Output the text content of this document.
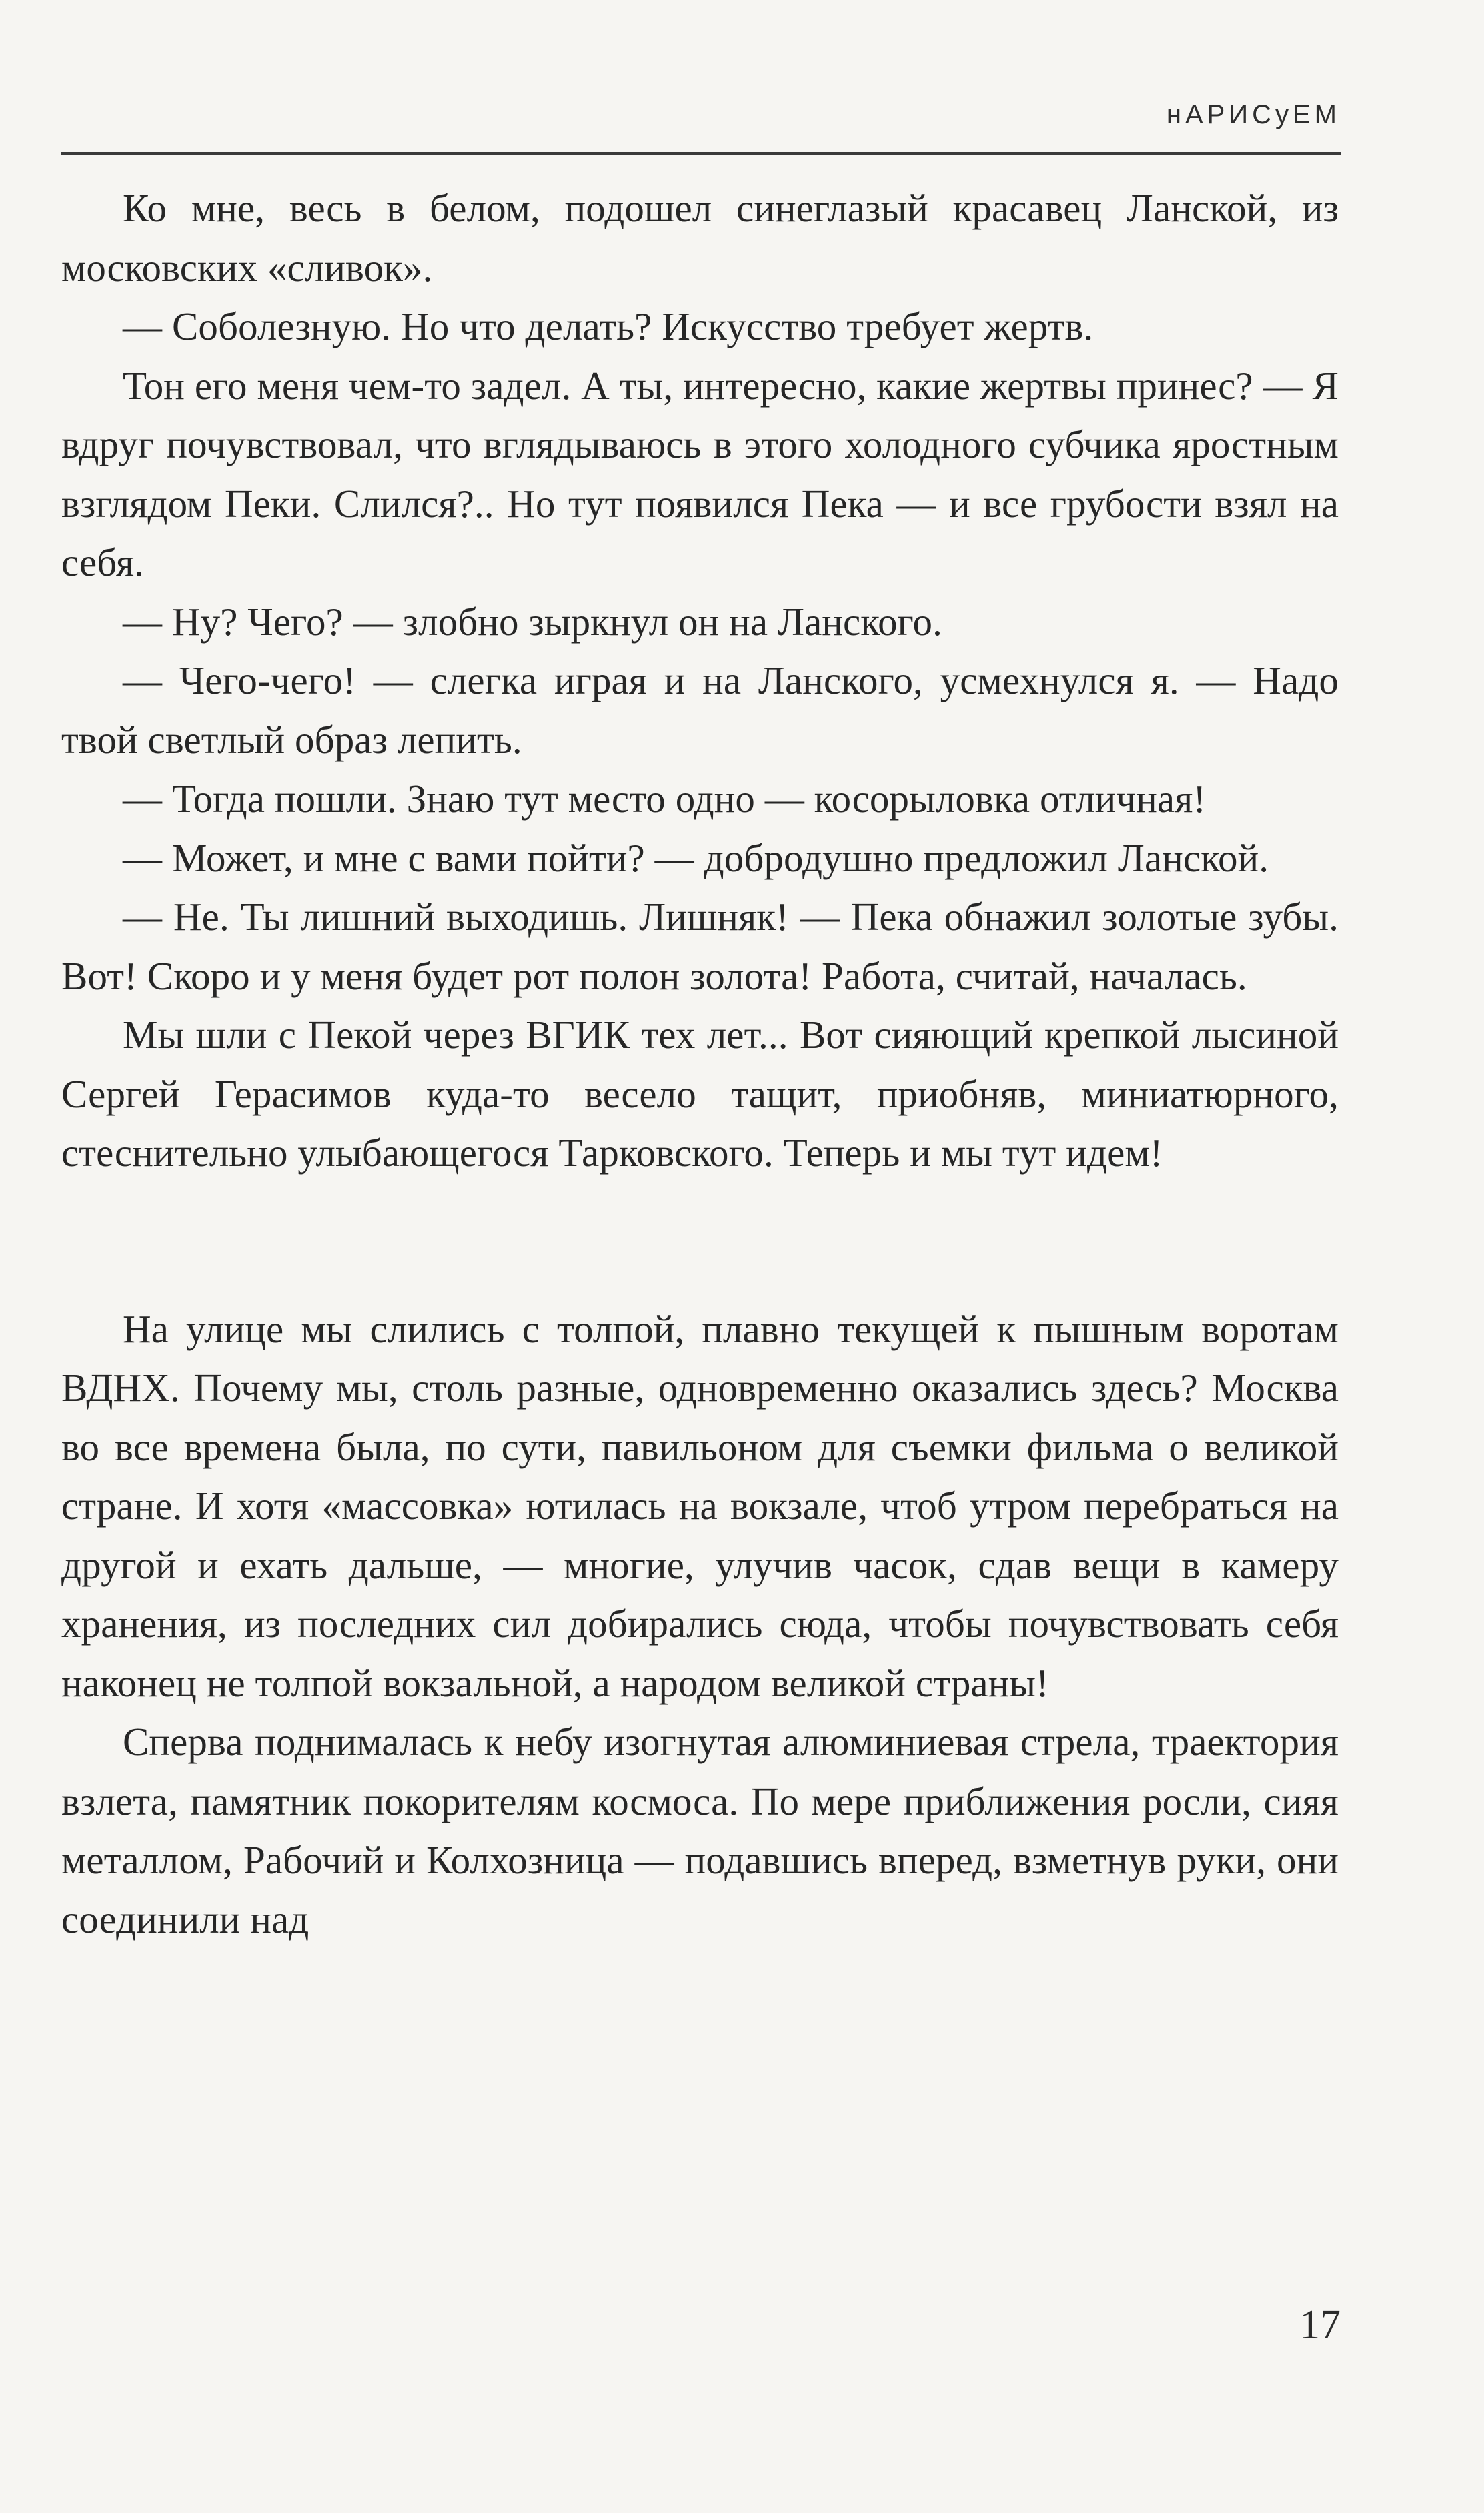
нАРИСуЕМ

Ко мне, весь в белом, подошел синеглазый красавец Ланской, из московских «сливок».

— Соболезную. Но что делать? Искусство требует жертв.

Тон его меня чем-то задел. А ты, интересно, какие жертвы принес? — Я вдруг почувствовал, что вглядываюсь в этого холодного субчика яростным взглядом Пеки. Слился?.. Но тут появился Пека — и все грубости взял на себя.

— Ну? Чего? — злобно зыркнул он на Ланского.

— Чего-чего! — слегка играя и на Ланского, усмехнулся я. — Надо твой светлый образ лепить.

— Тогда пошли. Знаю тут место одно — косорыловка отличная!

— Может, и мне с вами пойти? — добродушно предложил Ланской.

— Не. Ты лишний выходишь. Лишняк! — Пека обнажил золотые зубы. Вот! Скоро и у меня будет рот полон золота! Работа, считай, началась.

Мы шли с Пекой через ВГИК тех лет... Вот сияющий крепкой лысиной Сергей Герасимов куда-то весело тащит, приобняв, миниатюрного, стеснительно улыбающегося Тарковского. Теперь и мы тут идем!

На улице мы слились с толпой, плавно текущей к пышным воротам ВДНХ. Почему мы, столь разные, одновременно оказались здесь? Москва во все времена была, по сути, павильоном для съемки фильма о великой стране. И хотя «массовка» ютилась на вокзале, чтоб утром перебраться на другой и ехать дальше, — многие, улучив часок, сдав вещи в камеру хранения, из последних сил добирались сюда, чтобы почувствовать себя наконец не толпой вокзальной, а народом великой страны!

Сперва поднималась к небу изогнутая алюминиевая стрела, траектория взлета, памятник покорителям космоса. По мере приближения росли, сияя металлом, Рабочий и Колхозница — подавшись вперед, взметнув руки, они соединили над

17
